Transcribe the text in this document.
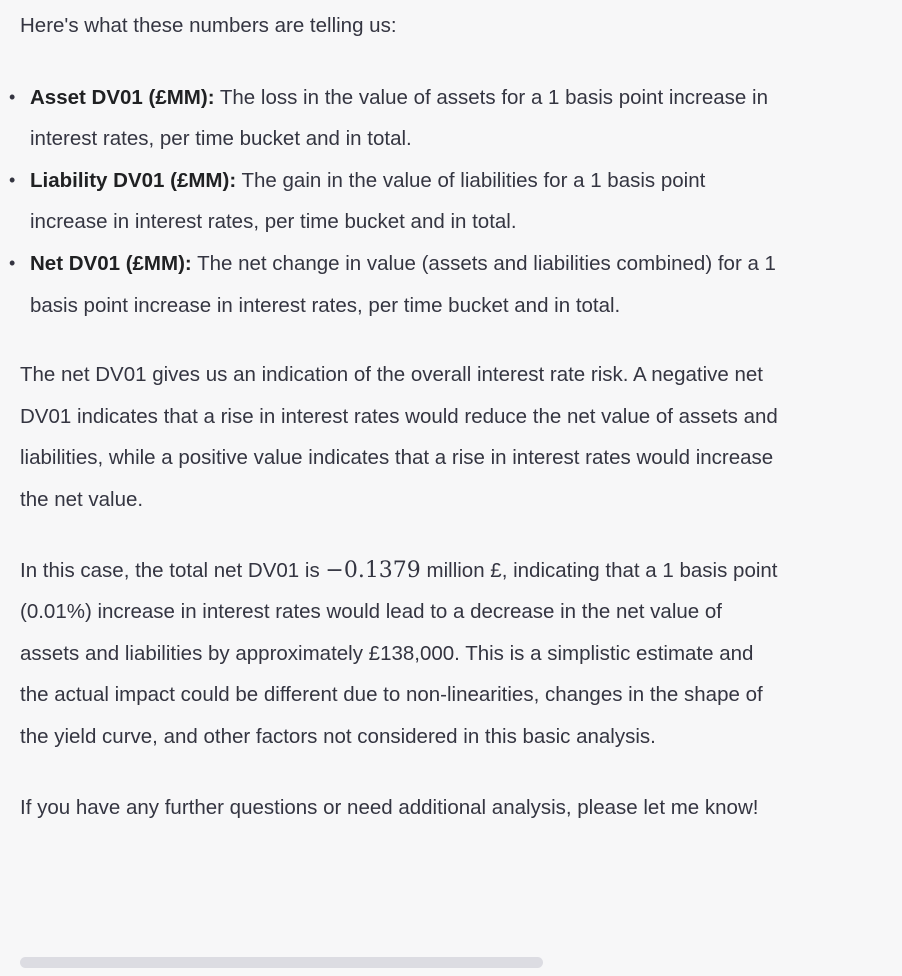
Here's what these numbers are telling us:

• Asset DV01 (£MM): The loss in the value of assets for a 1 basis point increase in interest rates, per time bucket and in total.
• Liability DV01 (£MM): The gain in the value of liabilities for a 1 basis point increase in interest rates, per time bucket and in total.
• Net DV01 (£MM): The net change in value (assets and liabilities combined) for a 1 basis point increase in interest rates, per time bucket and in total.

The net DV01 gives us an indication of the overall interest rate risk. A negative net DV01 indicates that a rise in interest rates would reduce the net value of assets and liabilities, while a positive value indicates that a rise in interest rates would increase the net value.

In this case, the total net DV01 is −0.1379 million £, indicating that a 1 basis point (0.01%) increase in interest rates would lead to a decrease in the net value of assets and liabilities by approximately £138,000. This is a simplistic estimate and the actual impact could be different due to non-linearities, changes in the shape of the yield curve, and other factors not considered in this basic analysis.

If you have any further questions or need additional analysis, please let me know!
